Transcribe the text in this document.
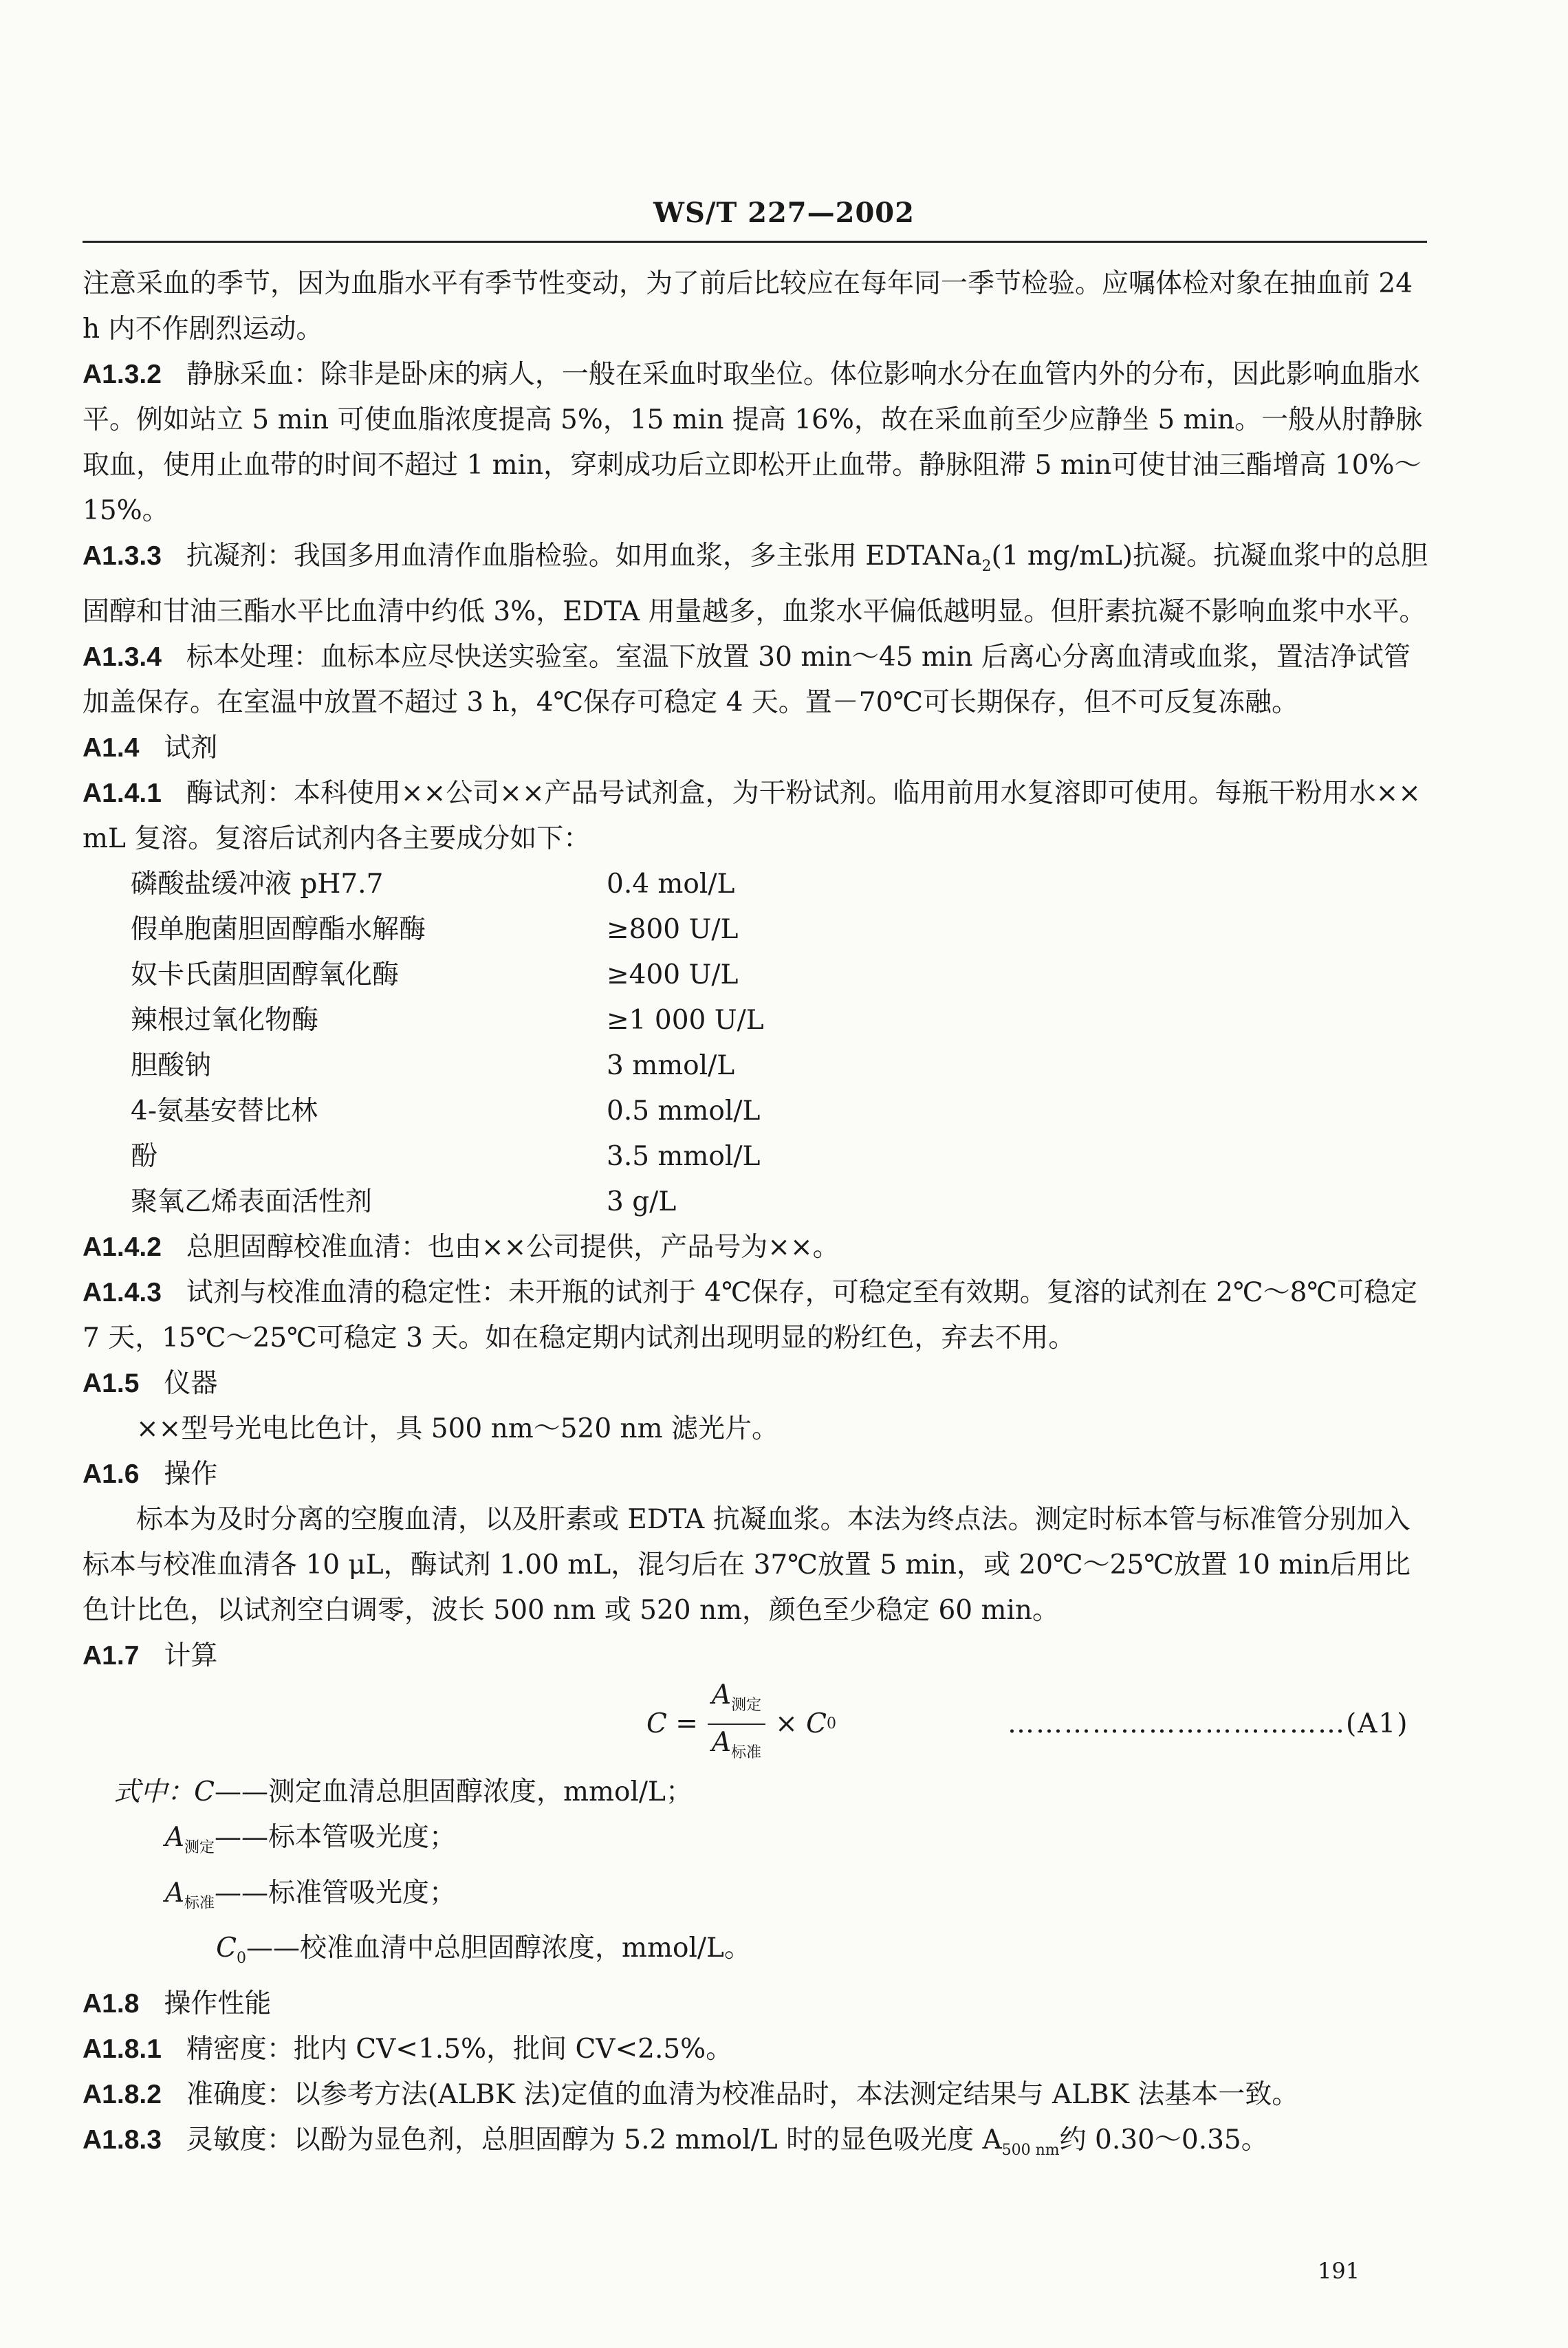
WS/T 227—2002

注意采血的季节，因为血脂水平有季节性变动，为了前后比较应在每年同一季节检验。应嘱体检对象在抽血前 24 h 内不作剧烈运动。

A1.3.2 静脉采血：除非是卧床的病人，一般在采血时取坐位。体位影响水分在血管内外的分布，因此影响血脂水平。例如站立 5 min 可使血脂浓度提高 5%，15 min 提高 16%，故在采血前至少应静坐 5 min。一般从肘静脉取血，使用止血带的时间不超过 1 min，穿刺成功后立即松开止血带。静脉阻滞 5 min可使甘油三酯增高 10%～15%。

A1.3.3 抗凝剂：我国多用血清作血脂检验。如用血浆，多主张用 EDTANa$_2$(1 mg/mL)抗凝。抗凝血浆中的总胆固醇和甘油三酯水平比血清中约低 3%，EDTA 用量越多，血浆水平偏低越明显。但肝素抗凝不影响血浆中水平。

A1.3.4 标本处理：血标本应尽快送实验室。室温下放置 30 min～45 min 后离心分离血清或血浆，置洁净试管加盖保存。在室温中放置不超过 3 h，4℃保存可稳定 4 天。置－70℃可长期保存，但不可反复冻融。

A1.4 试剂

A1.4.1 酶试剂：本科使用××公司××产品号试剂盒，为干粉试剂。临用前用水复溶即可使用。每瓶干粉用水×× mL 复溶。复溶后试剂内各主要成分如下：

磷酸盐缓冲液 pH7.7	0.4 mol/L
假单胞菌胆固醇酯水解酶	≥800 U/L
奴卡氏菌胆固醇氧化酶	≥400 U/L
辣根过氧化物酶	≥1 000 U/L
胆酸钠	3 mmol/L
4-氨基安替比林	0.5 mmol/L
酚	3.5 mmol/L
聚氧乙烯表面活性剂	3 g/L

A1.4.2 总胆固醇校准血清：也由××公司提供，产品号为××。

A1.4.3 试剂与校准血清的稳定性：未开瓶的试剂于 4℃保存，可稳定至有效期。复溶的试剂在 2℃～8℃可稳定 7 天，15℃～25℃可稳定 3 天。如在稳定期内试剂出现明显的粉红色，弃去不用。

A1.5 仪器

××型号光电比色计，具 500 nm～520 nm 滤光片。

A1.6 操作

标本为及时分离的空腹血清，以及肝素或 EDTA 抗凝血浆。本法为终点法。测定时标本管与标准管分别加入标本与校准血清各 10 μL，酶试剂 1.00 mL，混匀后在 37℃放置 5 min，或 20℃～25℃放置 10 min后用比色计比色，以试剂空白调零，波长 500 nm 或 520 nm，颜色至少稳定 60 min。

A1.7 计算

$C = \frac{A_{测定}}{A_{标准}} \times C$ 0	……………………………… (A1)
式中：C ——测定血清总胆固醇浓度，mmol/L；
$A_{测定}$ ——标本管吸光度；
$A_{标准}$ ——标准管吸光度；
$C_0$ ——校准血清中总胆固醇浓度，mmol/L。

A1.8 操作性能

A1.8.1 精密度：批内 CV<1.5%，批间 CV<2.5%。

A1.8.2 准确度：以参考方法(ALBK 法)定值的血清为校准品时，本法测定结果与 ALBK 法基本一致。

A1.8.3 灵敏度：以酚为显色剂，总胆固醇为 5.2 mmol/L 时的显色吸光度 $A_{500 nm}$约 0.30～0.35。

191
